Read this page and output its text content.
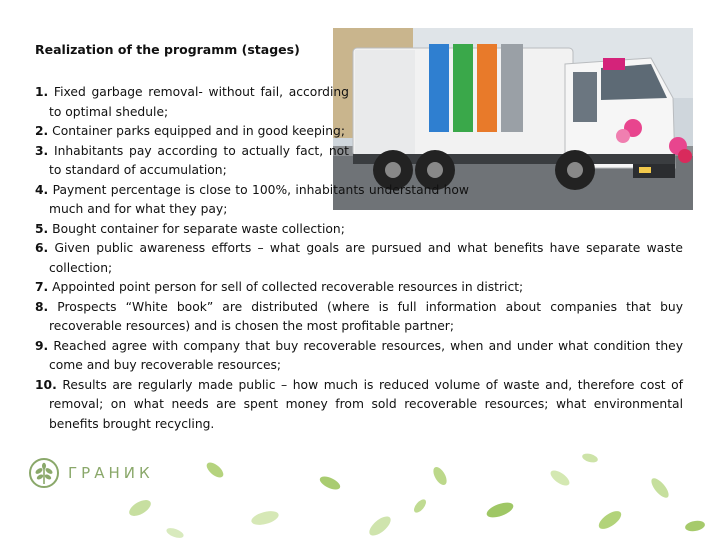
Realization of the programm (stages)
1. Fixed garbage removal- without fail, according to optimal shedule;
2. Container parks equipped and in good keeping;
3. Inhabitants pay according to actually fact, not to standard of accumulation;
4. Payment percentage is close to 100%, inhabitants understand how much and for what they pay;
5. Bought container for separate waste collection;
6. Given public awareness efforts – what goals are pursued and what benefits have separate waste collection;
7. Appointed point person for sell of collected recoverable resources in district;
8. Prospects “White book” are distributed (where is full information about companies that buy recoverable resources) and is chosen the most profitable partner;
9. Reached agree with company that buy recoverable resources, when and under what condition they come and buy recoverable resources;
10. Results are regularly made public – how much is reduced volume of waste and, therefore cost of removal; on what needs are spent money from sold recoverable resources; what environmental benefits brought recycling.
ГРАНИК
